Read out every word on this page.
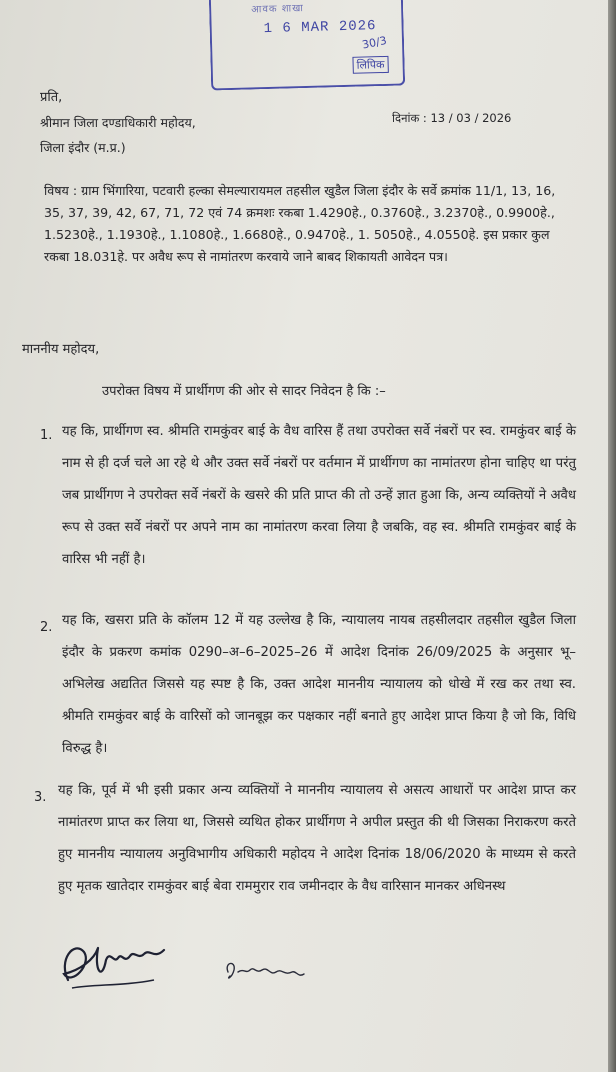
आवक शाखा
1 6 MAR 2026
30/3
लिपिक
प्रति,
श्रीमान जिला दण्डाधिकारी महोदय,
जिला इंदौर (म.प्र.)
दिनांक : 13 / 03 / 2026
विषय : ग्राम भिंगारिया, पटवारी हल्का सेमल्यारायमल तहसील खुडैल जिला इंदौर के सर्वे क्रमांक 11/1, 13, 16, 35, 37, 39, 42, 67, 71, 72 एवं 74 क्रमशः रकबा 1.4290हे., 0.3760हे., 3.2370हे., 0.9900हे., 1.5230हे., 1.1930हे., 1.1080हे., 1.6680हे., 0.9470हे., 1. 5050हे., 4.0550हे. इस प्रकार कुल रकबा 18.031हे. पर अवैध रूप से नामांतरण करवाये जाने बाबद शिकायती आवेदन पत्र।
माननीय महोदय,
उपरोक्त विषय में प्रार्थीगण की ओर से सादर निवेदन है कि :–
1. यह कि, प्रार्थीगण स्व. श्रीमति रामकुंवर बाई के वैध वारिस हैं तथा उपरोक्त सर्वे नंबरों पर स्व. रामकुंवर बाई के नाम से ही दर्ज चले आ रहे थे और उक्त सर्वे नंबरों पर वर्तमान में प्रार्थीगण का नामांतरण होना चाहिए था परंतु जब प्रार्थीगण ने उपरोक्त सर्वे नंबरों के खसरे की प्रति प्राप्त की तो उन्हें ज्ञात हुआ कि, अन्य व्यक्तियों ने अवैध रूप से उक्त सर्वे नंबरों पर अपने नाम का नामांतरण करवा लिया है जबकि, वह स्व. श्रीमति रामकुंवर बाई के वारिस भी नहीं है।
2. यह कि, खसरा प्रति के कॉलम 12 में यह उल्लेख है कि, न्यायालय नायब तहसीलदार तहसील खुडैल जिला इंदौर के प्रकरण कमांक 0290–अ–6–2025–26 में आदेश दिनांक 26/09/2025 के अनुसार भू–अभिलेख अद्यतित जिससे यह स्पष्ट है कि, उक्त आदेश माननीय न्यायालय को धोखे में रख कर तथा स्व. श्रीमति रामकुंवर बाई के वारिसों को जानबूझ कर पक्षकार नहीं बनाते हुए आदेश प्राप्त किया है जो कि, विधि विरुद्ध है।
3. यह कि, पूर्व में भी इसी प्रकार अन्य व्यक्तियों ने माननीय न्यायालय से असत्य आधारों पर आदेश प्राप्त कर नामांतरण प्राप्त कर लिया था, जिससे व्यथित होकर प्रार्थीगण ने अपील प्रस्तुत की थी जिसका निराकरण करते हुए माननीय न्यायालय अनुविभागीय अधिकारी महोदय ने आदेश दिनांक 18/06/2020 के माध्यम से करते हुए मृतक खातेदार रामकुंवर बाई बेवा राममुरार राव जमीनदार के वैध वारिसान मानकर अधिनस्थ
